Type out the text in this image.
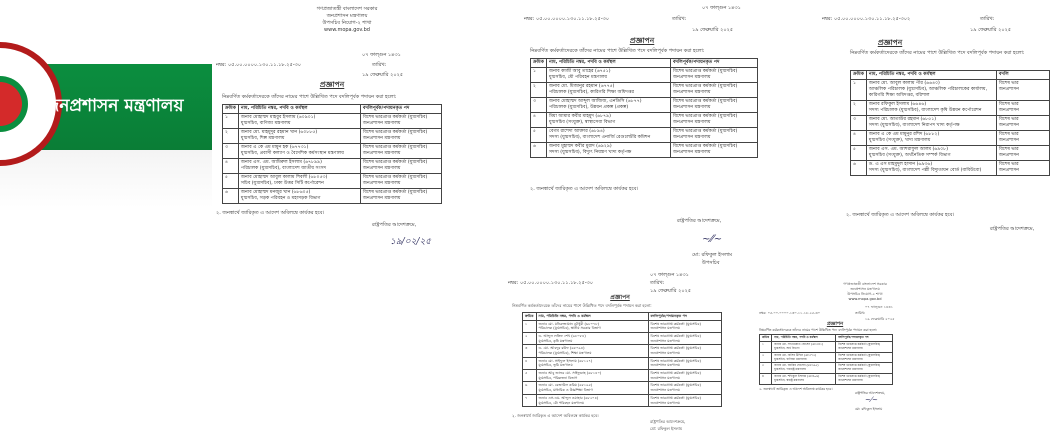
জনপ্রশাসন মন্ত্রণালয়
গণপ্রজাতন্ত্রী বাংলাদেশ সরকার
জনপ্রশাসন মন্ত্রণালয়
উপসচিব নিয়োগ-২ শাখা
www.mopa.gov.bd
০৭ ফাল্গুন ১৪৩১
নম্বর: ০৫.০০.০০০০.১৩০.১১.১৮.২৫-৩০	তারিখ:
১৯ ফেব্রুয়ারি ২০২৫
প্রজ্ঞাপন
নিম্নবর্ণিত কর্মকর্তাদেরকে তাঁদের নামের পাশে উল্লিখিত পদে বদলিপূর্বক পদায়ন করা হলো:
ক্রমিক	নাম, পরিচিতি নম্বর, পদবি ও কর্মস্থল	বদলিপূর্বক/পদায়নকৃত পদ
১	জনাব মোহাম্মদ মাহবুব ইসলাম (৬০৯০১)
যুগ্মসচিব, বাণিজ্য মন্ত্রণালয়	বিশেষ ভারপ্রাপ্ত কর্মকর্তা (যুগ্মসচিব)
জনপ্রশাসন মন্ত্রণালয়
২	জনাব মো. মাহমুদুর রহমান খান (৬০৮৮৫)
যুগ্মসচিব, শিল্প মন্ত্রণালয়	বিশেষ ভারপ্রাপ্ত কর্মকর্তা (যুগ্মসচিব)
জনপ্রশাসন মন্ত্রণালয়
৩	জনাব এ কে এম মামুন হক (৬৭৭৩১)
যুগ্মসচিব, প্রবাসী কল্যাণ ও বৈদেশিক কর্মসংস্থান মন্ত্রণালয়	বিশেষ ভারপ্রাপ্ত কর্মকর্তা (যুগ্মসচিব)
জনপ্রশাসন মন্ত্রণালয়
৪	জনাব এস. এম. আমিরুল ইসলাম (৬৭৮৯৯)
পরিচালক (যুগ্মসচিব), বাংলাদেশ জাতীয় সংসদ	বিশেষ ভারপ্রাপ্ত কর্মকর্তা (যুগ্মসচিব)
জনপ্রশাসন মন্ত্রণালয়
৫	জনাব মোহাম্মদ আবুল কালাম শিবলী (৬৮০৫৩)
সচিব (যুগ্মসচিব), ঢাকা উত্তর সিটি কর্পোরেশন	বিশেষ ভারপ্রাপ্ত কর্মকর্তা (যুগ্মসচিব)
জনপ্রশাসন মন্ত্রণালয়
৬	জনাব মোহাম্মদ মনজুর খান (৬৮৬০৫)
যুগ্মসচিব, সড়ক পরিবহন ও মহাসড়ক বিভাগ	বিশেষ ভারপ্রাপ্ত কর্মকর্তা (যুগ্মসচিব)
জনপ্রশাসন মন্ত্রণালয়
২. জনস্বার্থে জারিকৃত এ আদেশ অবিলম্বে কার্যকর হবে।
রাষ্ট্রপতির আদেশক্রমে,
১৯/০২/২৫
০৭ ফাল্গুন ১৪৩১
নম্বর: ০৫.০০.০০০০.১৩০.১১.১৮.২৫-৩০	তারিখ:
১৯ ফেব্রুয়ারি ২০২৫
প্রজ্ঞাপন
নিম্নবর্ণিত কর্মকর্তাদেরকে তাঁদের নামের পাশে উল্লিখিত পদে বদলিপূর্বক পদায়ন করা হলো:
ক্রমিক	নাম, পরিচিতি নম্বর, পদবি ও কর্মস্থল	বদলিপূর্বক/পদায়নকৃত পদ
১	জনাব কাজী আবু তাহের (৬৭৫১)
যুগ্মসচিব, মৌ পরিবহন মন্ত্রণালয়	বিশেষ ভারপ্রাপ্ত কর্মকর্তা (যুগ্মসচিব)
জনপ্রশাসন মন্ত্রণালয়
২	জনাব মো. মিজানুর রহমান (৬৭৭৫)
পরিচালক (যুগ্মসচিব), কারিগরি শিক্ষা অধিদপ্তর	বিশেষ ভারপ্রাপ্ত কর্মকর্তা (যুগ্মসচিব)
জনপ্রশাসন মন্ত্রণালয়
৩	জনাব মোহাম্মদ আব্দুল আজিজ, এনডিসি (৬৮৭৭)
পরিচালক (যুগ্মসচিব), উন্নয়ন প্রকল্প (প্রকল্প)	বিশেষ ভারপ্রাপ্ত কর্মকর্তা (যুগ্মসচিব)
জনপ্রশাসন মন্ত্রণালয়
৪	মিয়া আমার কবীর মাহমুদ (৬৮৭৯)
যুগ্মসচিব (সংযুক্ত), স্বাস্থ্যসেবা বিভাগ	বিশেষ ভারপ্রাপ্ত কর্মকর্তা (যুগ্মসচিব)
জনপ্রশাসন মন্ত্রণালয়
৫	বেগম রাশেদা আক্তার (৬৮৯৪)
সদস্য (যুগ্মসচিব), বাংলাদেশ এনার্জি রেগুলেটরি কমিশন	বিশেষ ভারপ্রাপ্ত কর্মকর্তা (যুগ্মসচিব)
জনপ্রশাসন মন্ত্রণালয়
৬	জনাব মুহাম্মদ কবীর মুরাদ (৬৯২৯)
সদস্য (যুগ্মসচিব), বিদ্যুৎ নিয়ন্ত্রণ খাদ্য কর্তৃপক্ষ	বিশেষ ভারপ্রাপ্ত কর্মকর্তা (যুগ্মসচিব)
জনপ্রশাসন মন্ত্রণালয়
২. জনস্বার্থে জারিকৃত এ আদেশ অবিলম্বে কার্যকর হবে।
রাষ্ট্রপতির আদেশক্রমে,
~⁄⁄~
মো: রফিকুল ইসলাম
উপসচিব
নম্বর: ০৫.০০.০০০০.১৩০.১১.১৮.২৫-৩০২	তারিখ:
১৯ ফেব্রুয়ারি ২০২৫
প্রজ্ঞাপন
নিম্নবর্ণিত কর্মকর্তাদেরকে তাঁদের নামের পাশে উল্লিখিত পদে বদলিপূর্বক পদায়ন করা হলো:
ক্রমিক	নাম, পরিচিতি নম্বর, পদবি ও কর্মস্থল	বদলি
১	জনাব মো. আবুল কালাম পীর (৬৬৪০)
আঞ্চলিক পরিচালক (যুগ্মসচিব), আঞ্চলিক পরিচালকের কার্যালয়,
কারিগরি শিক্ষা অধিদপ্তর, বরিশাল	বিশেষ ভার
জনপ্রশাসন
২	জনাব রফিকুল ইসলাম (৬৬৪৬)
সদস্য পরিচালক (যুগ্মসচিব), বাংলাদেশ কৃষি উন্নয়ন কর্পোরেশন	বিশেষ ভার
জনপ্রশাসন
৩	জনাব মো. আতাউর রহমান (৬৮৫১)
সদস্য (যুগ্মসচিব), বাংলাদেশ নিরাপদ খাদ্য কর্তৃপক্ষ	বিশেষ ভার
জনপ্রশাসন
৪	জনাব এ কে এম মামুনুর রশিদ (৬৮৮২)
যুগ্মসচিব (সংযুক্ত), খাদ্য মন্ত্রণালয়	বিশেষ ভার
জনপ্রশাসন
৫	জনাব এস. এম. আশরাফুল আলম (৬৯০৮)
যুগ্মসচিব (সংযুক্ত), অর্থনৈতিক সম্পর্ক বিভাগ	বিশেষ ভার
জনপ্রশাসন
৬	ড. এ এস মাহমুদুল হাসান (৬৯৩৬)
সদস্য (যুগ্মসচিব), বাংলাদেশ পল্লী বিদ্যুতায়ন বোর্ড (বাবিউবো)	বিশেষ ভার
জনপ্রশাসন
২. জনস্বার্থে জারিকৃত এ আদেশ অবিলম্বে কার্যকর হবে।
রাষ্ট্রপতির আদেশক্রমে,
০৭ ফাল্গুন ১৪৩১
নম্বর: ০৫.০০.০০০০.১৩০.১১.১৮.২৫-৩০	তারিখ:
১৯ ফেব্রুয়ারি ২০২৫
প্রজ্ঞাপন
নিম্নবর্ণিত কর্মকর্তাদেরকে তাঁদের নামের পাশে উল্লিখিত পদে বদলিপূর্বক পদায়ন করা হলো:
ক্রমিক	নাম, পরিচিতি নম্বর, পদবি ও কর্মস্থল	বদলিপূর্বক/পদায়নকৃত পদ
১	জনাব মো. মনিরুজ্জামান চৌধুরী (৬৮০৭৮)
পরিচালক (যুগ্মসচিব), স্থানীয় সরকার বিভাগ	বিশেষ ভারপ্রাপ্ত কর্মকর্তা (যুগ্মসচিব)
জনপ্রশাসন মন্ত্রণালয়
২	ড. আব্দুল লতিফ শেখ (৬৮০৮৪)
যুগ্মসচিব, কৃষি মন্ত্রণালয়	বিশেষ ভারপ্রাপ্ত কর্মকর্তা (যুগ্মসচিব)
জনপ্রশাসন মন্ত্রণালয়
৩	ড. মো. আবদুর রউফ (৬৮০৯৪)
পরিচালক (যুগ্মসচিব), শিক্ষা মন্ত্রণালয়	বিশেষ ভারপ্রাপ্ত কর্মকর্তা (যুগ্মসচিব)
জনপ্রশাসন মন্ত্রণালয়
৪	জনাব মো. সাইফুল ইসলাম (৬৮১২৭)
যুগ্মসচিব, ভূমি মন্ত্রণালয়	বিশেষ ভারপ্রাপ্ত কর্মকর্তা (যুগ্মসচিব)
জনপ্রশাসন মন্ত্রণালয়
৫	জনাব আবু জাফর মো. সাইফুল্লাহ (৬৮১৪০)
যুগ্মসচিব, পরিকল্পনা বিভাগ	বিশেষ ভারপ্রাপ্ত কর্মকর্তা (যুগ্মসচিব)
জনপ্রশাসন মন্ত্রণালয়
৬	জনাব মো. রেজাউল করিম (৬৮১৯৫)
যুগ্মসচিব, মাধ্যমিক ও উচ্চশিক্ষা বিভাগ	বিশেষ ভারপ্রাপ্ত কর্মকর্তা (যুগ্মসচিব)
জনপ্রশাসন মন্ত্রণালয়
৭	জনাব এস.এম. আব্দুল ওয়াহাব (৬৮২০৪)
যুগ্মসচিব, মৌ পরিবহন মন্ত্রণালয়	বিশেষ ভারপ্রাপ্ত কর্মকর্তা (যুগ্মসচিব)
জনপ্রশাসন মন্ত্রণালয়
২. জনস্বার্থে জারিকৃত এ আদেশ অবিলম্বে কার্যকর হবে।
রাষ্ট্রপতির আদেশক্রমে,
মো: রফিকুল ইসলাম
গণপ্রজাতন্ত্রী বাংলাদেশ সরকার
জনপ্রশাসন মন্ত্রণালয়
উপসচিব নিয়োগ-২ শাখা
www.mopa.gov.bd
০৭ ফাল্গুন ১৪৩১
নম্বর: ০৫.০০.০০০০.১৩০.১১.১৮.২৫-৩০	তারিখ:
১৯ ফেব্রুয়ারি ২০২৫
প্রজ্ঞাপন
নিম্নবর্ণিত কর্মকর্তাদেরকে তাঁদের নামের পাশে উল্লিখিত পদে বদলিপূর্বক পদায়ন করা হলো:
ক্রমিক	নাম, পরিচিতি নম্বর, পদবি ও কর্মস্থল	বদলিপূর্বক/পদায়নকৃত পদ
১	জনাব মো. সাখাওয়াত হোসেন (৬৮৩৪১)
যুগ্মসচিব, অর্থ বিভাগ	বিশেষ ভারপ্রাপ্ত কর্মকর্তা (যুগ্মসচিব)
জনপ্রশাসন মন্ত্রণালয়
২	জনাব মো. নাসির উদ্দিন (৬৮৩৭২)
যুগ্মসচিব, বাণিজ্য মন্ত্রণালয়	বিশেষ ভারপ্রাপ্ত কর্মকর্তা (যুগ্মসচিব)
জনপ্রশাসন মন্ত্রণালয়
৩	জনাব মো. জাকির হোসেন (৬৮৩৯৫)
যুগ্মসচিব, পররাষ্ট্র মন্ত্রণালয়	বিশেষ ভারপ্রাপ্ত কর্মকর্তা (যুগ্মসচিব)
জনপ্রশাসন মন্ত্রণালয়
৪	জনাব মো. শফিকুল ইসলাম (৬৮৪০৬)
যুগ্মসচিব, স্বরাষ্ট্র মন্ত্রণালয়	বিশেষ ভারপ্রাপ্ত কর্মকর্তা (যুগ্মসচিব)
জনপ্রশাসন মন্ত্রণালয়
২. জনস্বার্থে জারিকৃত এ আদেশ অবিলম্বে কার্যকর হবে।
রাষ্ট্রপতির আদেশক্রমে,
~⁄~
মো: রফিকুল ইসলাম
